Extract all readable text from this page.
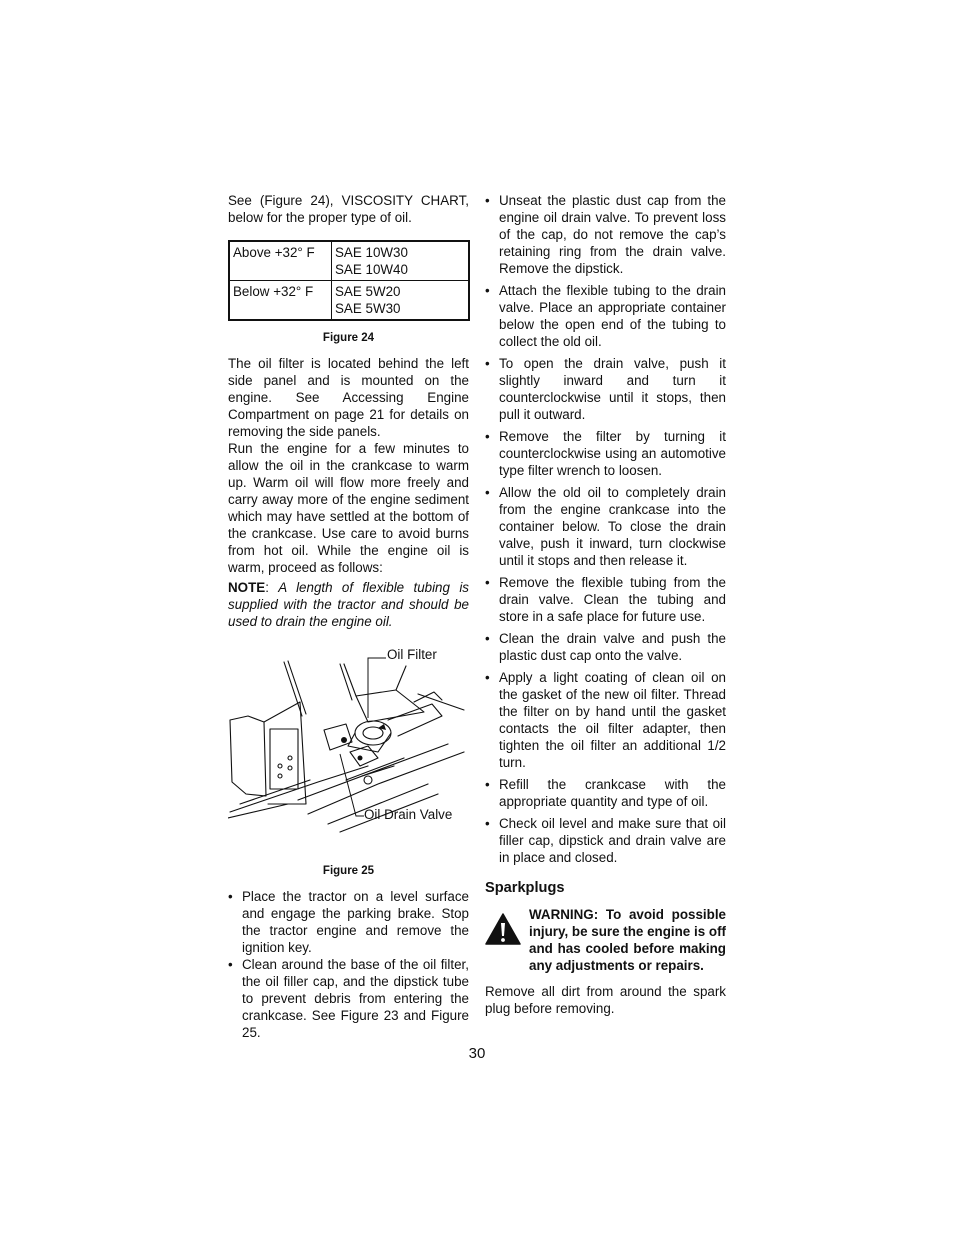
See (Figure 24), VISCOSITY CHART, below for the proper type of oil.

Above +32° F	SAE 10W30
SAE 10W40

Below +32° F	SAE 5W20
SAE 5W30

Figure 24

The oil filter is located behind the left side panel and is mounted on the engine. See Accessing Engine Compartment on page 21 for details on removing the side panels.

Run the engine for a few minutes to allow the oil in the crankcase to warm up. Warm oil will flow more freely and carry away more of the engine sediment which may have settled at the bottom of the crankcase. Use care to avoid burns from hot oil. While the engine oil is warm, proceed as follows:

NOTE: A length of flexible tubing is supplied with the tractor and should be used to drain the engine oil.

Oil Filter
Oil Drain Valve

Figure 25

• Place the tractor on a level surface and engage the parking brake. Stop the tractor engine and remove the ignition key.
• Clean around the base of the oil filter, the oil filler cap, and the dipstick tube to prevent debris from entering the crankcase. See Figure 23 and Figure 25.
• Unseat the plastic dust cap from the engine oil drain valve. To prevent loss of the cap, do not remove the cap’s retaining ring from the drain valve. Remove the dipstick.
• Attach the flexible tubing to the drain valve. Place an appropriate container below the open end of the tubing to collect the old oil.
• To open the drain valve, push it slightly inward and turn it counterclockwise until it stops, then pull it outward.
• Remove the filter by turning it counterclockwise using an automotive type filter wrench to loosen.
• Allow the old oil to completely drain from the engine crankcase into the container below. To close the drain valve, push it inward, turn clockwise until it stops and then release it.
• Remove the flexible tubing from the drain valve. Clean the tubing and store in a safe place for future use.
• Clean the drain valve and push the plastic dust cap onto the valve.
• Apply a light coating of clean oil on the gasket of the new oil filter. Thread the filter on by hand until the gasket contacts the oil filter adapter, then tighten the oil filter an additional 1/2 turn.
• Refill the crankcase with the appropriate quantity and type of oil.
• Check oil level and make sure that oil filler cap, dipstick and drain valve are in place and closed.
Sparkplugs

WARNING: To avoid possible injury, be sure the engine is off and has cooled before making any adjustments or repairs.

Remove all dirt from around the spark plug before removing.

30
